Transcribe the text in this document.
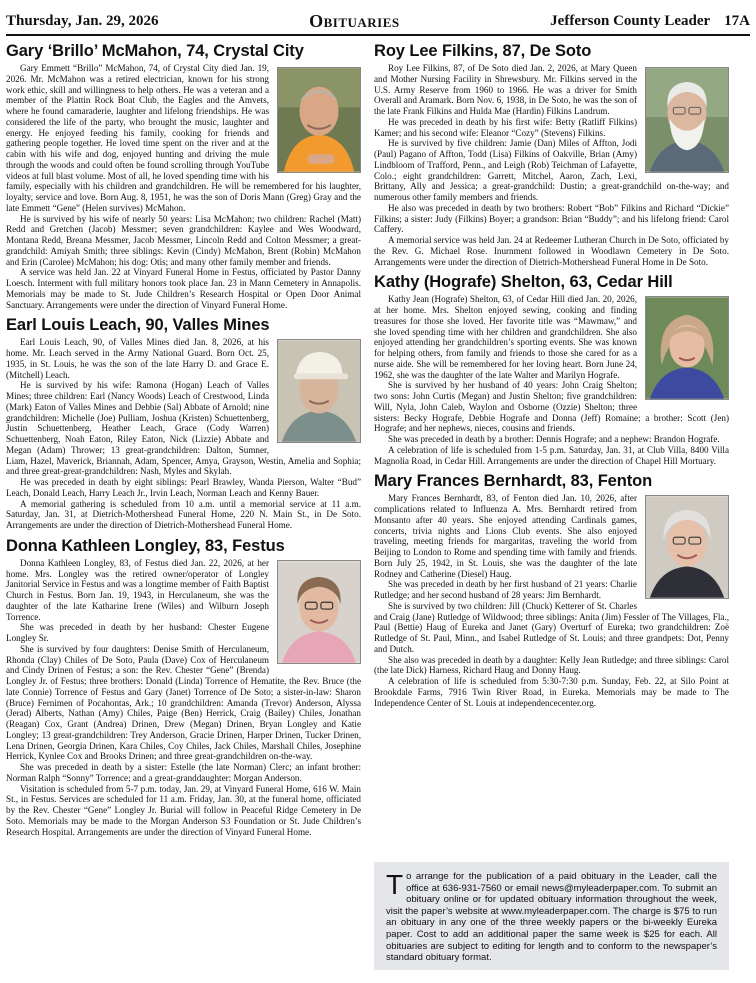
Thursday, Jan. 29, 2026	Obituaries	Jefferson County Leader 17A
Gary ‘Brillo’ McMahon, 74, Crystal City

Gary Emmett “Brillo” McMahon, 74, of Crystal City died Jan. 19, 2026. Mr. McMahon was a retired electrician, known for his strong work ethic, skill and willingness to help others. He was a veteran and a member of the Plattin Rock Boat Club, the Eagles and the Amvets, where he found camaraderie, laughter and lifelong friendships. He was considered the life of the party, who brought the music, laughter and energy. He enjoyed feeding his family, cooking for friends and gathering people together. He loved time spent on the river and at the cabin with his wife and dog, enjoyed hunting and driving the mule through the woods and could often be found scrolling through YouTube videos at full blast volume. Most of all, he loved spending time with his family, especially with his children and grandchildren. He will be remembered for his laughter, loyalty, service and love. Born Aug. 8, 1951, he was the son of Doris Mann (Greg) Gray and the late Emmett “Gene” (Helen survives) McMahon.

He is survived by his wife of nearly 50 years: Lisa McMahon; two children: Rachel (Matt) Redd and Gretchen (Jacob) Messmer; seven grandchildren: Kaylee and Wes Woodward, Montana Redd, Breana Messmer, Jacob Messmer, Lincoln Redd and Colton Messmer; a great-grandchild: Amiyah Smith; three siblings: Kevin (Cindy) McMahon, Brent (Robin) McMahon and Erin (Carolee) McMahon; his dog: Otis; and many other family member and friends.

A service was held Jan. 22 at Vinyard Funeral Home in Festus, officiated by Pastor Danny Loesch. Interment with full military honors took place Jan. 23 in Mann Cemetery in Annapolis. Memorials may be made to St. Jude Children’s Research Hospital or Open Door Animal Sanctuary. Arrangements were under the direction of Vinyard Funeral Home.

Earl Louis Leach, 90, Valles Mines

Earl Louis Leach, 90, of Valles Mines died Jan. 8, 2026, at his home. Mr. Leach served in the Army National Guard. Born Oct. 25, 1935, in St. Louis, he was the son of the late Harry D. and Grace E. (Mitchell) Leach.

He is survived by his wife: Ramona (Hogan) Leach of Valles Mines; three children: Earl (Nancy Woods) Leach of Crestwood, Linda (Mark) Eaton of Valles Mines and Debbie (Sal) Abbate of Arnold; nine grandchildren: Michelle (Joe) Pulliam, Joshua (Kristen) Schuettenberg, Justin Schuettenberg, Heather Leach, Grace (Cody Warren) Schuettenberg, Noah Eaton, Riley Eaton, Nick (Lizzie) Abbate and Megan (Adam) Thrower; 13 great-grandchildren: Dalton, Sumner, Liam, Hazel, Maverick, Briannah, Adam, Spencer, Amya, Grayson, Westin, Amelia and Sophia; and three great-great-grandchildren: Nash, Myles and Skylah.

He was preceded in death by eight siblings: Pearl Brawley, Wanda Pierson, Walter “Bud” Leach, Donald Leach, Harry Leach Jr., Irvin Leach, Norman Leach and Kenny Bauer.

A memorial gathering is scheduled from 10 a.m. until a memorial service at 11 a.m. Saturday, Jan. 31, at Dietrich-Mothershead Funeral Home, 220 N. Main St., in De Soto. Arrangements are under the direction of Dietrich-Mothershead Funeral Home.

Donna Kathleen Longley, 83, Festus

Donna Kathleen Longley, 83, of Festus died Jan. 22, 2026, at her home. Mrs. Longley was the retired owner/operator of Longley Janitorial Service in Festus and was a longtime member of Faith Baptist Church in Festus. Born Jan. 19, 1943, in Herculaneum, she was the daughter of the late Katharine Irene (Wiles) and Wilburn Joseph Torrence.

She was preceded in death by her husband: Chester Eugene Longley Sr.

She is survived by four daughters: Denise Smith of Herculaneum, Rhonda (Clay) Chiles of De Soto, Paula (Dave) Cox of Herculaneum and Cindy Drinen of Festus; a son: the Rev. Chester “Gene” (Brenda) Longley Jr. of Festus; three brothers: Donald (Linda) Torrence of Hematite, the Rev. Bruce (the late Connie) Torrence of Festus and Gary (Janet) Torrence of De Soto; a sister-in-law: Sharon (Bruce) Fernimen of Pocahontas, Ark.; 10 grandchildren: Amanda (Trevor) Anderson, Alyssa (Jerad) Alberts, Nathan (Amy) Chiles, Paige (Ben) Herrick, Craig (Bailey) Chiles, Jonathan (Reagan) Cox, Grant (Andrea) Drinen, Drew (Megan) Drinen, Bryan Longley and Katie Longley; 13 great-grandchildren: Trey Anderson, Gracie Drinen, Harper Drinen, Tucker Drinen, Lena Drinen, Georgia Drinen, Kara Chiles, Coy Chiles, Jack Chiles, Marshall Chiles, Josephine Herrick, Kynlee Cox and Brooks Drinen; and three great-grandchildren on-the-way.

She was preceded in death by a sister: Estelle (the late Norman) Clerc; an infant brother: Norman Ralph “Sonny” Torrence; and a great-granddaughter: Morgan Anderson.

Visitation is scheduled from 5-7 p.m. today, Jan. 29, at Vinyard Funeral Home, 616 W. Main St., in Festus. Services are scheduled for 11 a.m. Friday, Jan. 30, at the funeral home, officiated by the Rev. Chester “Gene” Longley Jr. Burial will follow in Peaceful Ridge Cemetery in De Soto. Memorials may be made to the Morgan Anderson S3 Foundation or St. Jude Children’s Research Hospital. Arrangements are under the direction of Vinyard Funeral Home.

Roy Lee Filkins, 87, De Soto

Roy Lee Filkins, 87, of De Soto died Jan. 2, 2026, at Mary Queen and Mother Nursing Facility in Shrewsbury. Mr. Filkins served in the U.S. Army Reserve from 1960 to 1966. He was a driver for Smith Overall and Aramark. Born Nov. 6, 1938, in De Soto, he was the son of the late Frank Filkins and Hulda Mae (Hardin) Filkins Landrum.

He was preceded in death by his first wife: Betty (Ratliff Filkins) Kamer; and his second wife: Eleanor “Cozy” (Stevens) Filkins.

He is survived by five children: Jamie (Dan) Miles of Affton, Jodi (Paul) Pagano of Affton, Todd (Lisa) Filkins of Oakville, Brian (Amy) Lindbloom of Trafford, Penn., and Leigh (Rob) Teichman of Lafayette, Colo.; eight grandchildren: Garrett, Mitchel, Aaron, Zach, Lexi, Brittany, Ally and Jessica; a great-grandchild: Dustin; a great-grandchild on-the-way; and numerous other family members and friends.

He also was preceded in death by two brothers: Robert “Bob” Filkins and Richard “Dickie” Filkins; a sister: Judy (Filkins) Boyer; a grandson: Brian “Buddy”; and his lifelong friend: Carol Caffery.

A memorial service was held Jan. 24 at Redeemer Lutheran Church in De Soto, officiated by the Rev. G. Michael Rose. Inurnment followed in Woodlawn Cemetery in De Soto. Arrangements were under the direction of Dietrich-Mothershead Funeral Home in De Soto.

Kathy (Hografe) Shelton, 63, Cedar Hill

Kathy Jean (Hografe) Shelton, 63, of Cedar Hill died Jan. 20, 2026, at her home. Mrs. Shelton enjoyed sewing, cooking and finding treasures for those she loved. Her favorite title was “Mawmaw,” and she loved spending time with her children and grandchildren. She also enjoyed attending her grandchildren’s sporting events. She was known for helping others, from family and friends to those she cared for as a nurse aide. She will be remembered for her loving heart. Born June 24, 1962, she was the daughter of the late Walter and Marilyn Hografe.

She is survived by her husband of 40 years: John Craig Shelton; two sons: John Curtis (Megan) and Justin Shelton; five grandchildren: Will, Nyla, John Caleb, Waylon and Osborne (Ozzie) Shelton; three sisters: Becky Hografe, Debbie Hografe and Donna (Jeff) Romaine; a brother: Scott (Jen) Hografe; and her nephews, nieces, cousins and friends.

She was preceded in death by a brother: Dennis Hografe; and a nephew: Brandon Hografe.

A celebration of life is scheduled from 1-5 p.m. Saturday, Jan. 31, at Club Villa, 8400 Villa Magnolia Road, in Cedar Hill. Arrangements are under the direction of Chapel Hill Mortuary.

Mary Frances Bernhardt, 83, Fenton

Mary Frances Bernhardt, 83, of Fenton died Jan. 10, 2026, after complications related to Influenza A. Mrs. Bernhardt retired from Monsanto after 40 years. She enjoyed attending Cardinals games, concerts, trivia nights and Lions Club events. She also enjoyed traveling, meeting friends for margaritas, traveling the world from Beijing to London to Rome and spending time with family and friends. Born July 25, 1942, in St. Louis, she was the daughter of the late Rodney and Catherine (Diesel) Haug.

She was preceded in death by her first husband of 21 years: Charlie Rutledge; and her second husband of 28 years: Jim Bernhardt.

She is survived by two children: Jill (Chuck) Ketterer of St. Charles and Craig (Jane) Rutledge of Wildwood; three siblings: Anita (Jim) Fessler of The Villages, Fla., Paul (Bettie) Haug of Eureka and Janet (Gary) Overturf of Eureka; two grandchildren: Zoë Rutledge of St. Paul, Minn., and Isabel Rutledge of St. Louis; and three grandpets: Dot, Penny and Dutch.

She also was preceded in death by a daughter: Kelly Jean Rutledge; and three siblings: Carol (the late Dick) Harness, Richard Haug and Donny Haug.

A celebration of life is scheduled from 5:30-7:30 p.m. Sunday, Feb. 22, at Silo Point at Brookdale Farms, 7916 Twin River Road, in Eureka. Memorials may be made to The Independence Center of St. Louis at independencecenter.org.

T o arrange for the publication of a paid obituary in the Leader, call the office at 636-931-7560 or email news@myleaderpaper.com. To submit an obituary online or for updated obituary information throughout the week, visit the paper’s website at www.myleaderpaper.com. The charge is $75 to run an obituary in any one of the three weekly papers or the bi-weekly Eureka paper. Cost to add an additional paper the same week is $25 for each. All obituaries are subject to editing for length and to conform to the newspaper’s standard obituary format.
